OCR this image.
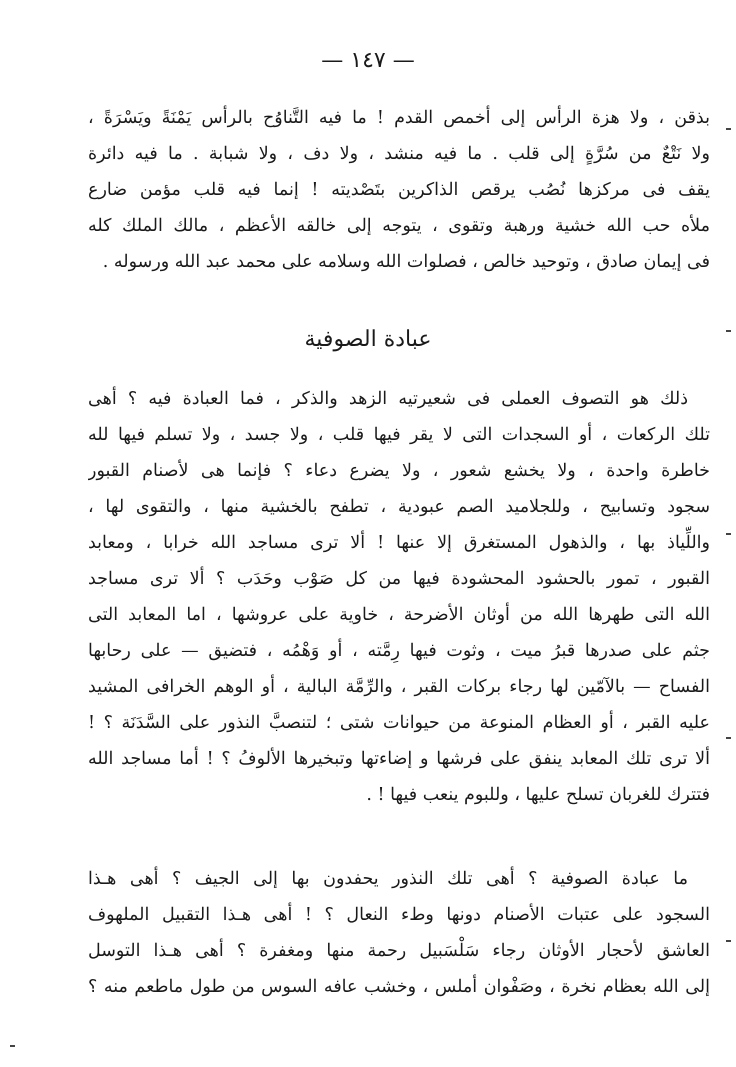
— ١٤٧ —
بذقن ، ولا هزة الرأس إلى أخمص القدم ! ما فيه التَّناوُح بالرأس يَمْنَةً ويَسْرَةً ،
ولا نَتْعٌ من سُرَّةٍ إلى قلب . ما فيه منشد ، ولا دف ، ولا شبابة . ما فيه دائرة
يقف فى مركزها نُصُب يرقص الذاكرين بتَصْديته ! إنما فيه قلب مؤمن ضارع
ملأه حب الله خشية ورهبة وتقوى ، يتوجه إلى خالقه الأعظم ، مالك الملك كله
فى إيمان صادق ، وتوحيد خالص ، فصلوات الله وسلامه على محمد عبد الله ورسوله .
عبادة الصوفية
ذلك هو التصوف العملى فى شعيرتيه الزهد والذكر ، فما العبادة فيه ؟ أهى
تلك الركعات ، أو السجدات التى لا يقر فيها قلب ، ولا جسد ، ولا تسلم فيها لله
خاطرة واحدة ، ولا يخشع شعور ، ولا يضرع دعاء ؟ فإنما هى لأصنام القبور
سجود وتسابيح ، وللجلاميد الصم عبودية ، تطفح بالخشية منها ، والتقوى لها ،
واللِّياذ بها ، والذهول المستغرق إلا عنها ! ألا ترى مساجد الله خرابا ، ومعابد
القبور ، تمور بالحشود المحشودة فيها من كل صَوْب وحَدَب ؟ ألا ترى مساجد
الله التى طهرها الله من أوثان الأضرحة ، خاوية على عروشها ، اما المعابد التى
جثم على صدرها قبرُ ميت ، وثوت فيها رِمَّته ، أو وَهْمُه ، فتضيق — على رحابها
الفساح — بالآمّين لها رجاء بركات القبر ، والرِّمَّة البالية ، أو الوهم الخرافى المشيد
عليه القبر ، أو العظام المنوعة من حيوانات شتى ؛ لتنصبَّ النذور على السَّدَنَة ؟ !
ألا ترى تلك المعابد ينفق على فرشها و إضاءتها وتبخيرها الألوفُ ؟ ! أما مساجد الله
فتترك للغربان تسلح عليها ، وللبوم ينعب فيها ! .
ما عبادة الصوفية ؟ أهى تلك النذور يحفدون بها إلى الجيف ؟ أهى هـذا
السجود على عتبات الأصنام دونها وطء النعال ؟ ! أهى هـذا التقبيل الملهوف
العاشق لأحجار الأوثان رجاء سَلْسَبيل رحمة منها ومغفرة ؟ أهى هـذا التوسل
إلى الله بعظام نخرة ، وصَفْوان أملس ، وخشب عافه السوس من طول ماطعم منه ؟
